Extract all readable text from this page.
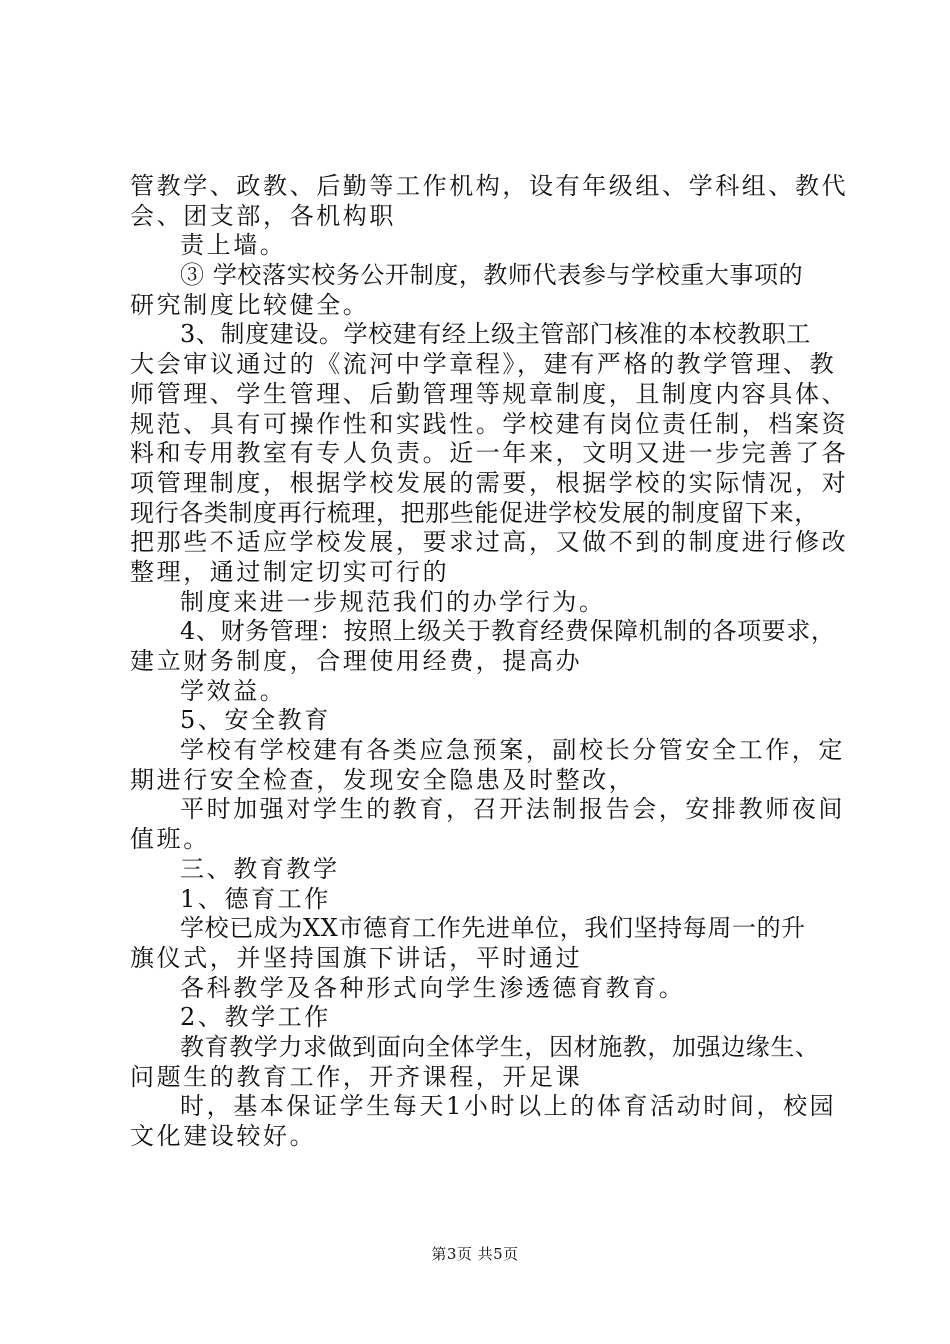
管教学、政教、后勤等工作机构，设有年级组、学科组、教代
会、团支部，各机构职
责上墙。
③ 学校落实校务公开制度，教师代表参与学校重大事项的
研究制度比较健全。
3、制度建设。学校建有经上级主管部门核准的本校教职工
大会审议通过的《流河中学章程》，建有严格的教学管理、教
师管理、学生管理、后勤管理等规章制度，且制度内容具体、
规范、具有可操作性和实践性。学校建有岗位责任制，档案资
料和专用教室有专人负责。近一年来，文明又进一步完善了各
项管理制度，根据学校发展的需要，根据学校的实际情况，对
现行各类制度再行梳理，把那些能促进学校发展的制度留下来，
把那些不适应学校发展，要求过高，又做不到的制度进行修改
整理，通过制定切实可行的
制度来进一步规范我们的办学行为。
4、财务管理：按照上级关于教育经费保障机制的各项要求，
建立财务制度，合理使用经费，提高办
学效益。
5、安全教育
学校有学校建有各类应急预案，副校长分管安全工作，定
期进行安全检查，发现安全隐患及时整改，
平时加强对学生的教育，召开法制报告会，安排教师夜间
值班。
三、教育教学
1、德育工作
学校已成为XX市德育工作先进单位，我们坚持每周一的升
旗仪式，并坚持国旗下讲话，平时通过
各科教学及各种形式向学生渗透德育教育。
2、教学工作
教育教学力求做到面向全体学生，因材施教，加强边缘生、
问题生的教育工作，开齐课程，开足课
时，基本保证学生每天1小时以上的体育活动时间，校园
文化建设较好。
第3页 共5页
